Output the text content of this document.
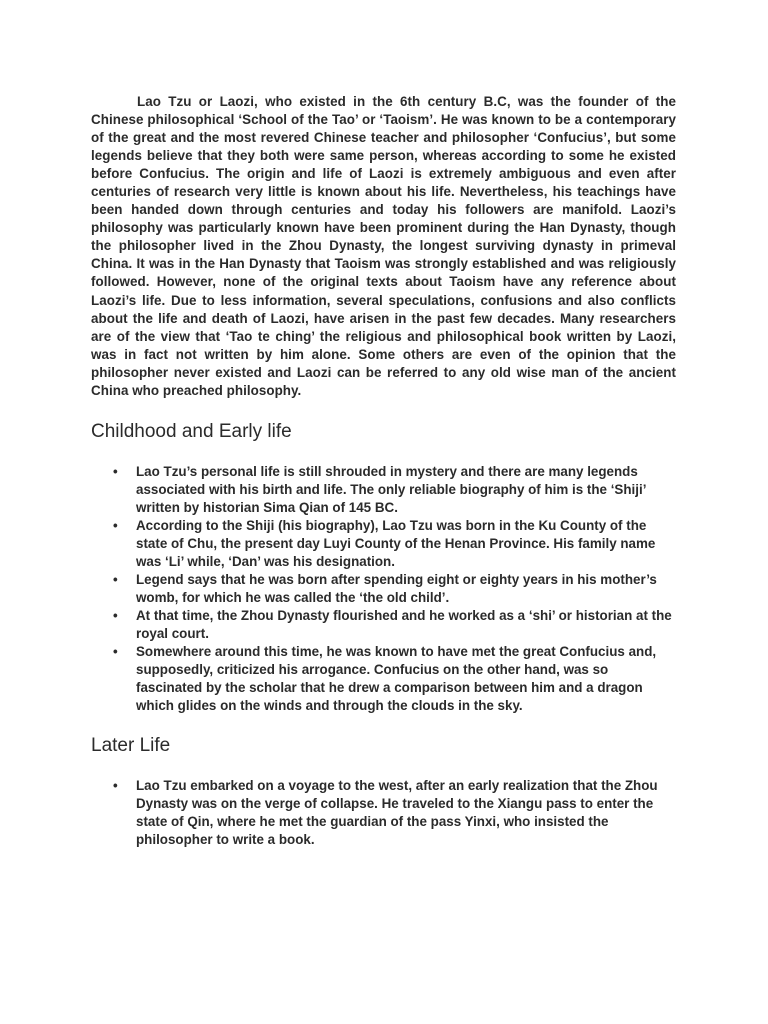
Lao Tzu or Laozi, who existed in the 6th century B.C, was the founder of the Chinese philosophical ‘School of the Tao’ or ‘Taoism’. He was known to be a contemporary of the great and the most revered Chinese teacher and philosopher ‘Confucius’, but some legends believe that they both were same person, whereas according to some he existed before Confucius. The origin and life of Laozi is extremely ambiguous and even after centuries of research very little is known about his life. Nevertheless, his teachings have been handed down through centuries and today his followers are manifold. Laozi’s philosophy was particularly known have been prominent during the Han Dynasty, though the philosopher lived in the Zhou Dynasty, the longest surviving dynasty in primeval China. It was in the Han Dynasty that Taoism was strongly established and was religiously followed. However, none of the original texts about Taoism have any reference about Laozi’s life. Due to less information, several speculations, confusions and also conflicts about the life and death of Laozi, have arisen in the past few decades. Many researchers are of the view that ‘Tao te ching’ the religious and philosophical book written by Laozi, was in fact not written by him alone. Some others are even of the opinion that the philosopher never existed and Laozi can be referred to any old wise man of the ancient China who preached philosophy.

Childhood and Early life
• Lao Tzu’s personal life is still shrouded in mystery and there are many legends associated with his birth and life. The only reliable biography of him is the ‘Shiji’ written by historian Sima Qian of 145 BC.
• According to the Shiji (his biography), Lao Tzu was born in the Ku County of the state of Chu, the present day Luyi County of the Henan Province. His family name was ‘Li’ while, ‘Dan’ was his designation.
• Legend says that he was born after spending eight or eighty years in his mother’s womb, for which he was called the ‘the old child’.
• At that time, the Zhou Dynasty flourished and he worked as a ‘shi’ or historian at the royal court.
• Somewhere around this time, he was known to have met the great Confucius and, supposedly, criticized his arrogance. Confucius on the other hand, was so fascinated by the scholar that he drew a comparison between him and a dragon which glides on the winds and through the clouds in the sky.
Later Life
• Lao Tzu embarked on a voyage to the west, after an early realization that the Zhou Dynasty was on the verge of collapse. He traveled to the Xiangu pass to enter the state of Qin, where he met the guardian of the pass Yinxi, who insisted the philosopher to write a book.
